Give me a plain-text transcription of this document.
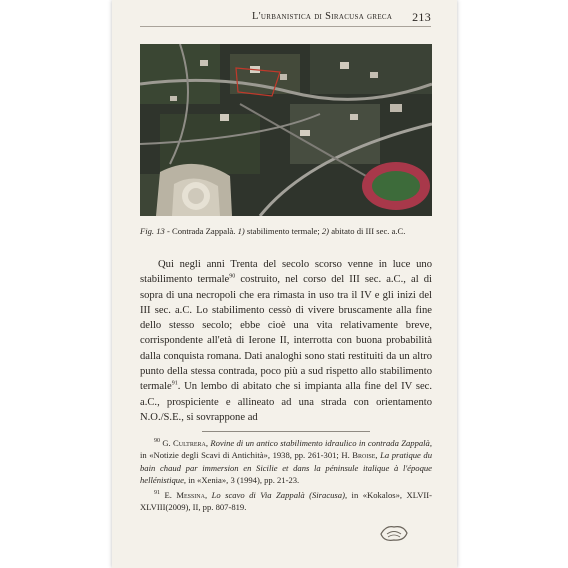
L'urbanistica di Siracusa greca 213
Fig. 13 - Contrada Zappalà. 1) stabilimento termale; 2) abitato di III sec. a.C.

Qui negli anni Trenta del secolo scorso venne in luce uno stabilimento termale$^{90}$ costruito, nel corso del III sec. a.C., al di sopra di una necropoli che era rimasta in uso tra il IV e gli inizi del III sec. a.C. Lo stabilimento cessò di vivere bruscamente alla fine dello stesso secolo; ebbe cioè una vita relativamente breve, corrispondente all'età di Ierone II, interrotta con buona probabilità dalla conquista romana. Dati analoghi sono stati restituiti da un altro punto della stessa contrada, poco più a sud rispetto allo stabilimento termale$^{91}$. Un lembo di abitato che si impianta alla fine del IV sec. a.C., prospiciente e allineato ad una strada con orientamento N.O./S.E., si sovrappone ad

$^{90}$ G. Cultrera, Rovine di un antico stabilimento idraulico in contrada Zappalà, in «Notizie degli Scavi di Antichità», 1938, pp. 261-301; H. Broise, La pratique du bain chaud par immersion en Sicilie et dans la péninsule italique à l'époque hellénistique, in «Xenia», 3 (1994), pp. 21-23.

$^{91}$ E. Messina, Lo scavo di Via Zappalà (Siracusa), in «Kokalos», XLVII-XLVIII(2009), II, pp. 807-819.
